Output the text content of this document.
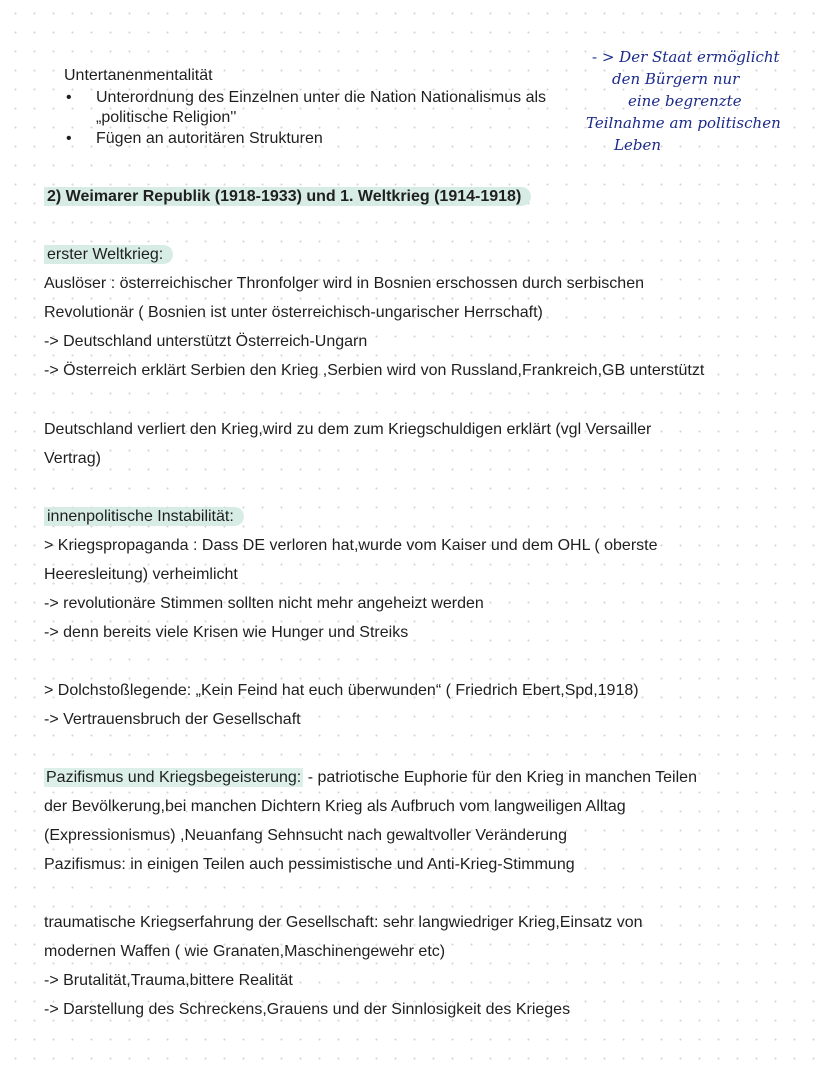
Untertanenmentalität
• Unterordnung des Einzelnen unter die Nation Nationalismus als
„politische Religion''
• Fügen an autoritären Strukturen
- > Der Staat ermöglicht
den Bürgern nur
eine begrenzte
Teilnahme am politischen
Leben
2) Weimarer Republik (1918-1933) und 1. Weltkrieg (1914-1918)
erster Weltkrieg:
Auslöser : österreichischer Thronfolger wird in Bosnien erschossen durch serbischen
Revolutionär ( Bosnien ist unter österreichisch-ungarischer Herrschaft)
-> Deutschland unterstützt Österreich-Ungarn
-> Österreich erklärt Serbien den Krieg ,Serbien wird von Russland,Frankreich,GB unterstützt
Deutschland verliert den Krieg,wird zu dem zum Kriegschuldigen erklärt (vgl Versailler
Vertrag)
innenpolitische Instabilität:
> Kriegspropaganda : Dass DE verloren hat,wurde vom Kaiser und dem OHL ( oberste
Heeresleitung) verheimlicht
-> revolutionäre Stimmen sollten nicht mehr angeheizt werden
-> denn bereits viele Krisen wie Hunger und Streiks
> Dolchstoßlegende: „Kein Feind hat euch überwunden“ ( Friedrich Ebert,Spd,1918)
-> Vertrauensbruch der Gesellschaft
Pazifismus und Kriegsbegeisterung: - patriotische Euphorie für den Krieg in manchen Teilen
der Bevölkerung,bei manchen Dichtern Krieg als Aufbruch vom langweiligen Alltag
(Expressionismus) ,Neuanfang Sehnsucht nach gewaltvoller Veränderung
Pazifismus: in einigen Teilen auch pessimistische und Anti-Krieg-Stimmung
traumatische Kriegserfahrung der Gesellschaft: sehr langwiedriger Krieg,Einsatz von
modernen Waffen ( wie Granaten,Maschinengewehr etc)
-> Brutalität,Trauma,bittere Realität
-> Darstellung des Schreckens,Grauens und der Sinnlosigkeit des Krieges
